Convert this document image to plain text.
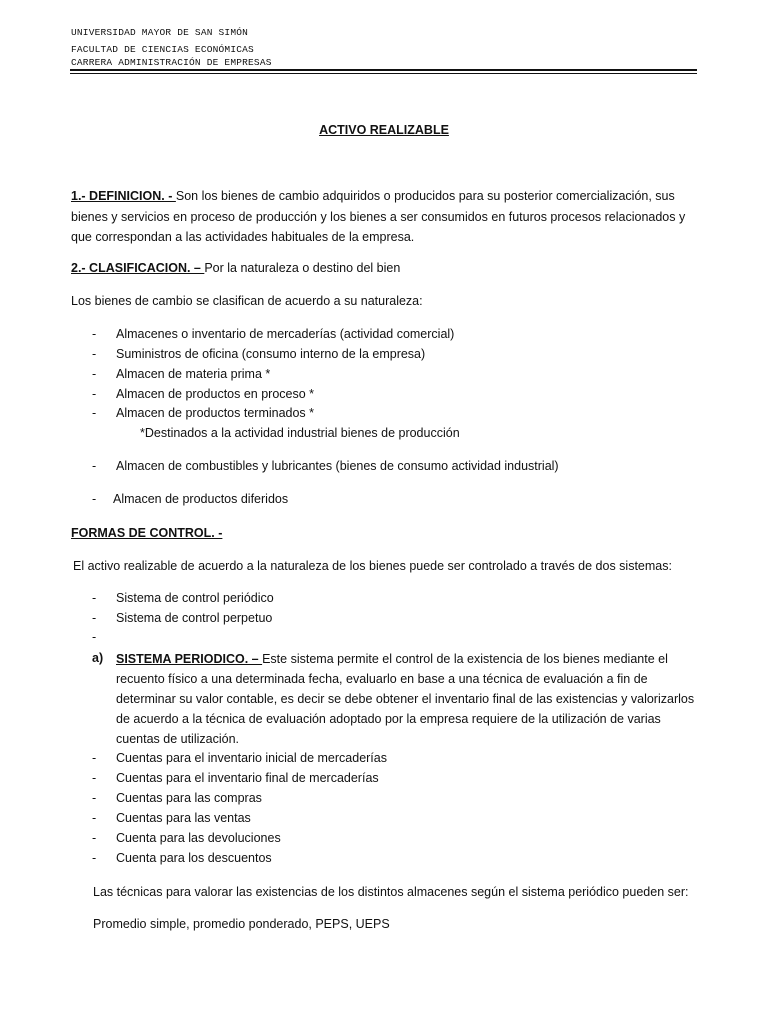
UNIVERSIDAD MAYOR DE SAN SIMÓN
FACULTAD DE CIENCIAS ECONÓMICAS
CARRERA ADMINISTRACIÓN DE EMPRESAS
ACTIVO REALIZABLE
1.- DEFINICION. - Son los bienes de cambio adquiridos o producidos para su posterior comercialización, sus bienes y servicios en proceso de producción y los bienes a ser consumidos en futuros procesos relacionados y que correspondan a las actividades habituales de la empresa.
2.- CLASIFICACION. – Por la naturaleza o destino del bien
Los bienes de cambio se clasifican de acuerdo a su naturaleza:
- Almacenes o inventario de mercaderías (actividad comercial)
- Suministros de oficina (consumo interno de la empresa)
- Almacen de materia prima *
- Almacen de productos en proceso *
- Almacen de productos terminados *
*Destinados a la actividad industrial bienes de producción
- Almacen de combustibles y lubricantes (bienes de consumo actividad industrial)
- Almacen de productos diferidos
FORMAS DE CONTROL. -
El activo realizable de acuerdo a la naturaleza de los bienes puede ser controlado a través de dos sistemas:
- Sistema de control periódico
- Sistema de control perpetuo
-
a) SISTEMA PERIODICO. – Este sistema permite el control de la existencia de los bienes mediante el recuento físico a una determinada fecha, evaluarlo en base a una técnica de evaluación a fin de determinar su valor contable, es decir se debe obtener el inventario final de las existencias y valorizarlos de acuerdo a la técnica de evaluación adoptado por la empresa requiere de la utilización de varias cuentas de utilización.
- Cuentas para el inventario inicial de mercaderías
- Cuentas para el inventario final de mercaderías
- Cuentas para las compras
- Cuentas para las ventas
- Cuenta para las devoluciones
- Cuenta para los descuentos
Las técnicas para valorar las existencias de los distintos almacenes según el sistema periódico pueden ser:
Promedio simple, promedio ponderado, PEPS, UEPS
